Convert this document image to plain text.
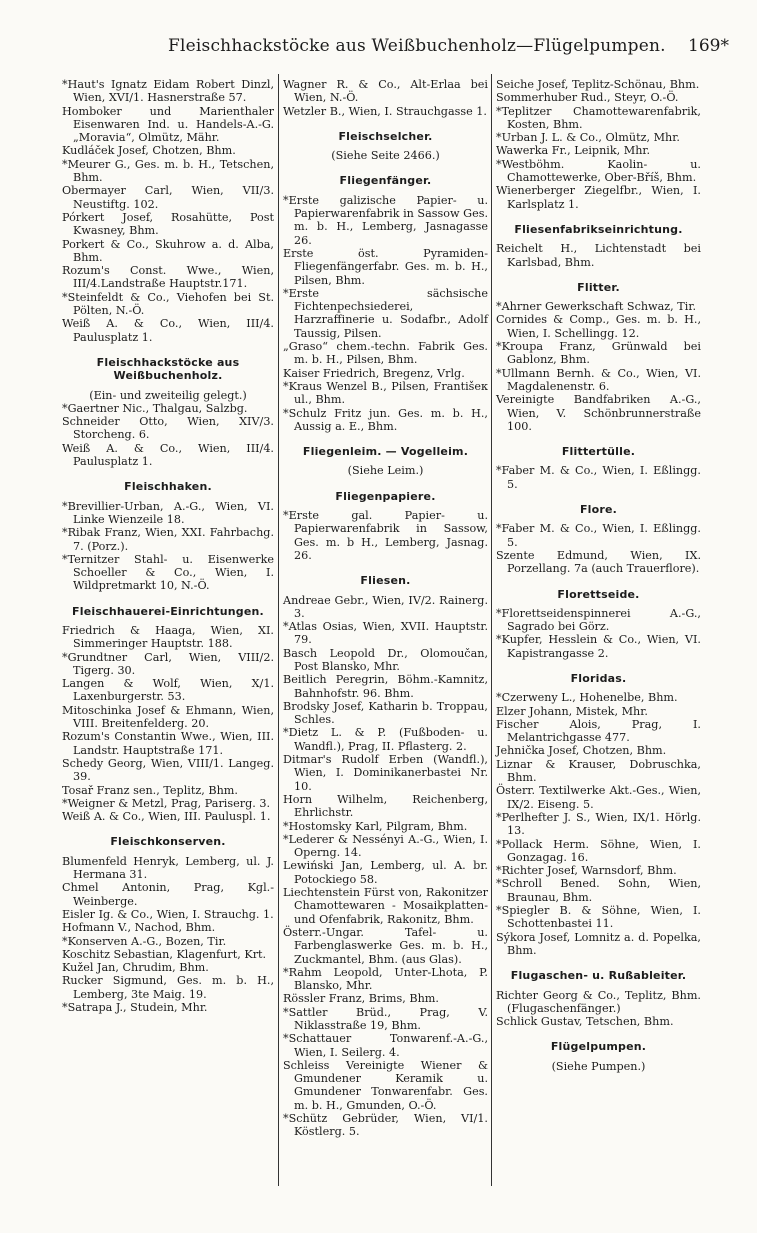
Fleischhackstöcke aus Weißbuchenholz—Flügelpumpen. 169*
*Haut's Ignatz Eidam Robert Dinzl, Wien, XVI/1. Hasnerstraße 57.
Homboker und Marienthaler Eisenwaren Ind. u. Handels-A.-G. „Moravia“, Olmütz, Mähr.
Kudláček Josef, Chotzen, Bhm.
*Meurer G., Ges. m. b. H., Tetschen, Bhm.
Obermayer Carl, Wien, VII/3. Neustiftg. 102.
Pórkert Josef, Rosahütte, Post Kwasney, Bhm.
Porkert & Co., Skuhrow a. d. Alba, Bhm.
Rozum's Const. Wwe., Wien, III/4.Landstraße Hauptstr.171.
*Steinfeldt & Co., Viehofen bei St. Pölten, N.-Ö.
Weiß A. & Co., Wien, III/4. Paulusplatz 1.
Fleischhackstöcke aus Weißbuchenholz.
(Ein- und zweiteilig gelegt.)
*Gaertner Nic., Thalgau, Salzbg.
Schneider Otto, Wien, XIV/3. Storcheng. 6.
Weiß A. & Co., Wien, III/4. Paulusplatz 1.
Fleischhaken.
*Brevillier-Urban, A.-G., Wien, VI. Linke Wienzeile 18.
*Ribak Franz, Wien, XXI. Fahrbachg. 7. (Porz.).
*Ternitzer Stahl- u. Eisenwerke Schoeller & Co., Wien, I. Wildpretmarkt 10, N.-Ö.
Fleischhauerei-Einrichtungen.
Friedrich & Haaga, Wien, XI. Simmeringer Hauptstr. 188.
*Grundtner Carl, Wien, VIII/2. Tigerg. 30.
Langen & Wolf, Wien, X/1. Laxenburgerstr. 53.
Mitoschinka Josef & Ehmann, Wien, VIII. Breitenfelderg. 20.
Rozum's Constantin Wwe., Wien, III. Landstr. Hauptstraße 171.
Schedy Georg, Wien, VIII/1. Langeg. 39.
Tosař Franz sen., Teplitz, Bhm.
*Weigner & Metzl, Prag, Pariserg. 3.
Weiß A. & Co., Wien, III. Pauluspl. 1.
Fleischkonserven.
Blumenfeld Henryk, Lemberg, ul. J. Hermana 31.
Chmel Antonin, Prag, Kgl.-Weinberge.
Eisler Ig. & Co., Wien, I. Strauchg. 1.
Hofmann V., Nachod, Bhm.
*Konserven A.-G., Bozen, Tir.
Koschitz Sebastian, Klagenfurt, Krt.
Kužel Jan, Chrudim, Bhm.
Rucker Sigmund, Ges. m. b. H., Lemberg, 3te Maig. 19.
*Satrapa J., Studein, Mhr.
Wagner R. & Co., Alt-Erlaa bei Wien, N.-Ö.
Wetzler B., Wien, I. Strauchgasse 1.
Fleischselcher.
(Siehe Seite 2466.)
Fliegenfänger.
*Erste galizische Papier- u. Papierwarenfabrik in Sassow Ges. m. b. H., Lemberg, Jasnagasse 26.
Erste öst. Pyramiden-Fliegenfängerfabr. Ges. m. b. H., Pilsen, Bhm.
*Erste sächsische Fichtenpechsiederei, Harzraffinerie u. Sodafbr., Adolf Taussig, Pilsen.
„Graso“ chem.-techn. Fabrik Ges. m. b. H., Pilsen, Bhm.
Kaiser Friedrich, Bregenz, Vrlg.
*Kraus Wenzel B., Pilsen, Františeк ul., Bhm.
*Schulz Fritz jun. Ges. m. b. H., Aussig a. E., Bhm.
Fliegenleim. — Vogelleim.
(Siehe Leim.)
Fliegenpapiere.
*Erste gal. Papier- u. Papierwarenfabrik in Sassow, Ges. m. b H., Lemberg, Jasnag. 26.
Fliesen.
Andreae Gebr., Wien, IV/2. Rainerg. 3.
*Atlas Osias, Wien, XVII. Hauptstr. 79.
Basch Leopold Dr., Olomoučan, Post Blansko, Mhr.
Beitlich Peregrin, Böhm.-Kamnitz, Bahnhofstr. 96. Bhm.
Brodsky Josef, Katharin b. Troppau, Schles.
*Dietz L. & P. (Fußboden- u. Wandfl.), Prag, II. Pflasterg. 2.
Ditmar's Rudolf Erben (Wandfl.), Wien, I. Dominikanerbastei Nr. 10.
Horn Wilhelm, Reichenberg, Ehrlichstr.
*Hostomsky Karl, Pilgram, Bhm.
*Lederer & Nessényi A.-G., Wien, I. Operng. 14.
Lewiński Jan, Lemberg, ul. A. br. Potockiego 58.
Liechtenstein Fürst von, Rakonitzer Chamottewaren - Mosaikplatten- und Ofenfabrik, Rakonitz, Bhm.
Österr.-Ungar. Tafel- u. Farbenglaswerke Ges. m. b. H., Zuckmantel, Bhm. (aus Glas).
*Rahm Leopold, Unter-Lhota, P. Blansko, Mhr.
Rössler Franz, Brims, Bhm.
*Sattler Brüd., Prag, V. Niklasstraße 19, Bhm.
*Schattauer Tonwarenf.-A.-G., Wien, I. Seilerg. 4.
Schleiss Vereinigte Wiener & Gmundener Keramik u. Gmundener Tonwarenfabr. Ges. m. b. H., Gmunden, O.-Ö.
*Schütz Gebrüder, Wien, VI/1. Köstlerg. 5.
Seiche Josef, Teplitz-Schönau, Bhm.
Sommerhuber Rud., Steyr, O.-Ö.
*Teplitzer Chamottewarenfabrik, Kosten, Bhm.
*Urban J. L. & Co., Olmütz, Mhr.
Wawerka Fr., Leipnik, Mhr.
*Westböhm. Kaolin- u. Chamottewerke, Ober-Bříš, Bhm.
Wienerberger Ziegelfbr., Wien, I. Karlsplatz 1.
Fliesenfabrikseinrichtung.
Reichelt H., Lichtenstadt bei Karlsbad, Bhm.
Flitter.
*Ahrner Gewerkschaft Schwaz, Tir.
Cornides & Comp., Ges. m. b. H., Wien, I. Schellingg. 12.
*Kroupa Franz, Grünwald bei Gablonz, Bhm.
*Ullmann Bernh. & Co., Wien, VI. Magdalenenstr. 6.
Vereinigte Bandfabriken A.-G., Wien, V. Schönbrunnerstraße 100.
Flittertülle.
*Faber M. & Co., Wien, I. Eßlingg. 5.
Flore.
*Faber M. & Co., Wien, I. Eßlingg. 5.
Szente Edmund, Wien, IX. Porzellang. 7a (auch Trauerflore).
Florettseide.
*Florettseidenspinnerei A.-G., Sagrado bei Görz.
*Kupfer, Hesslein & Co., Wien, VI. Kapistrangasse 2.
Floridas.
*Czerweny L., Hohenelbe, Bhm.
Elzer Johann, Mistek, Mhr.
Fischer Alois, Prag, I. Melantrichgasse 477.
Jehnička Josef, Chotzen, Bhm.
Liznar & Krauser, Dobruschka, Bhm.
Österr. Textilwerke Akt.-Ges., Wien, IX/2. Eiseng. 5.
*Perlhefter J. S., Wien, IX/1. Hörlg. 13.
*Pollack Herm. Söhne, Wien, I. Gonzagag. 16.
*Richter Josef, Warnsdorf, Bhm.
*Schroll Bened. Sohn, Wien, Braunau, Bhm.
*Spiegler B. & Söhne, Wien, I. Schottenbastei 11.
Sýkora Josef, Lomnitz a. d. Popelka, Bhm.
Flugaschen- u. Rußableiter.
Richter Georg & Co., Teplitz, Bhm. (Flugaschenfänger.)
Schlick Gustav, Tetschen, Bhm.
Flügelpumpen.
(Siehe Pumpen.)
